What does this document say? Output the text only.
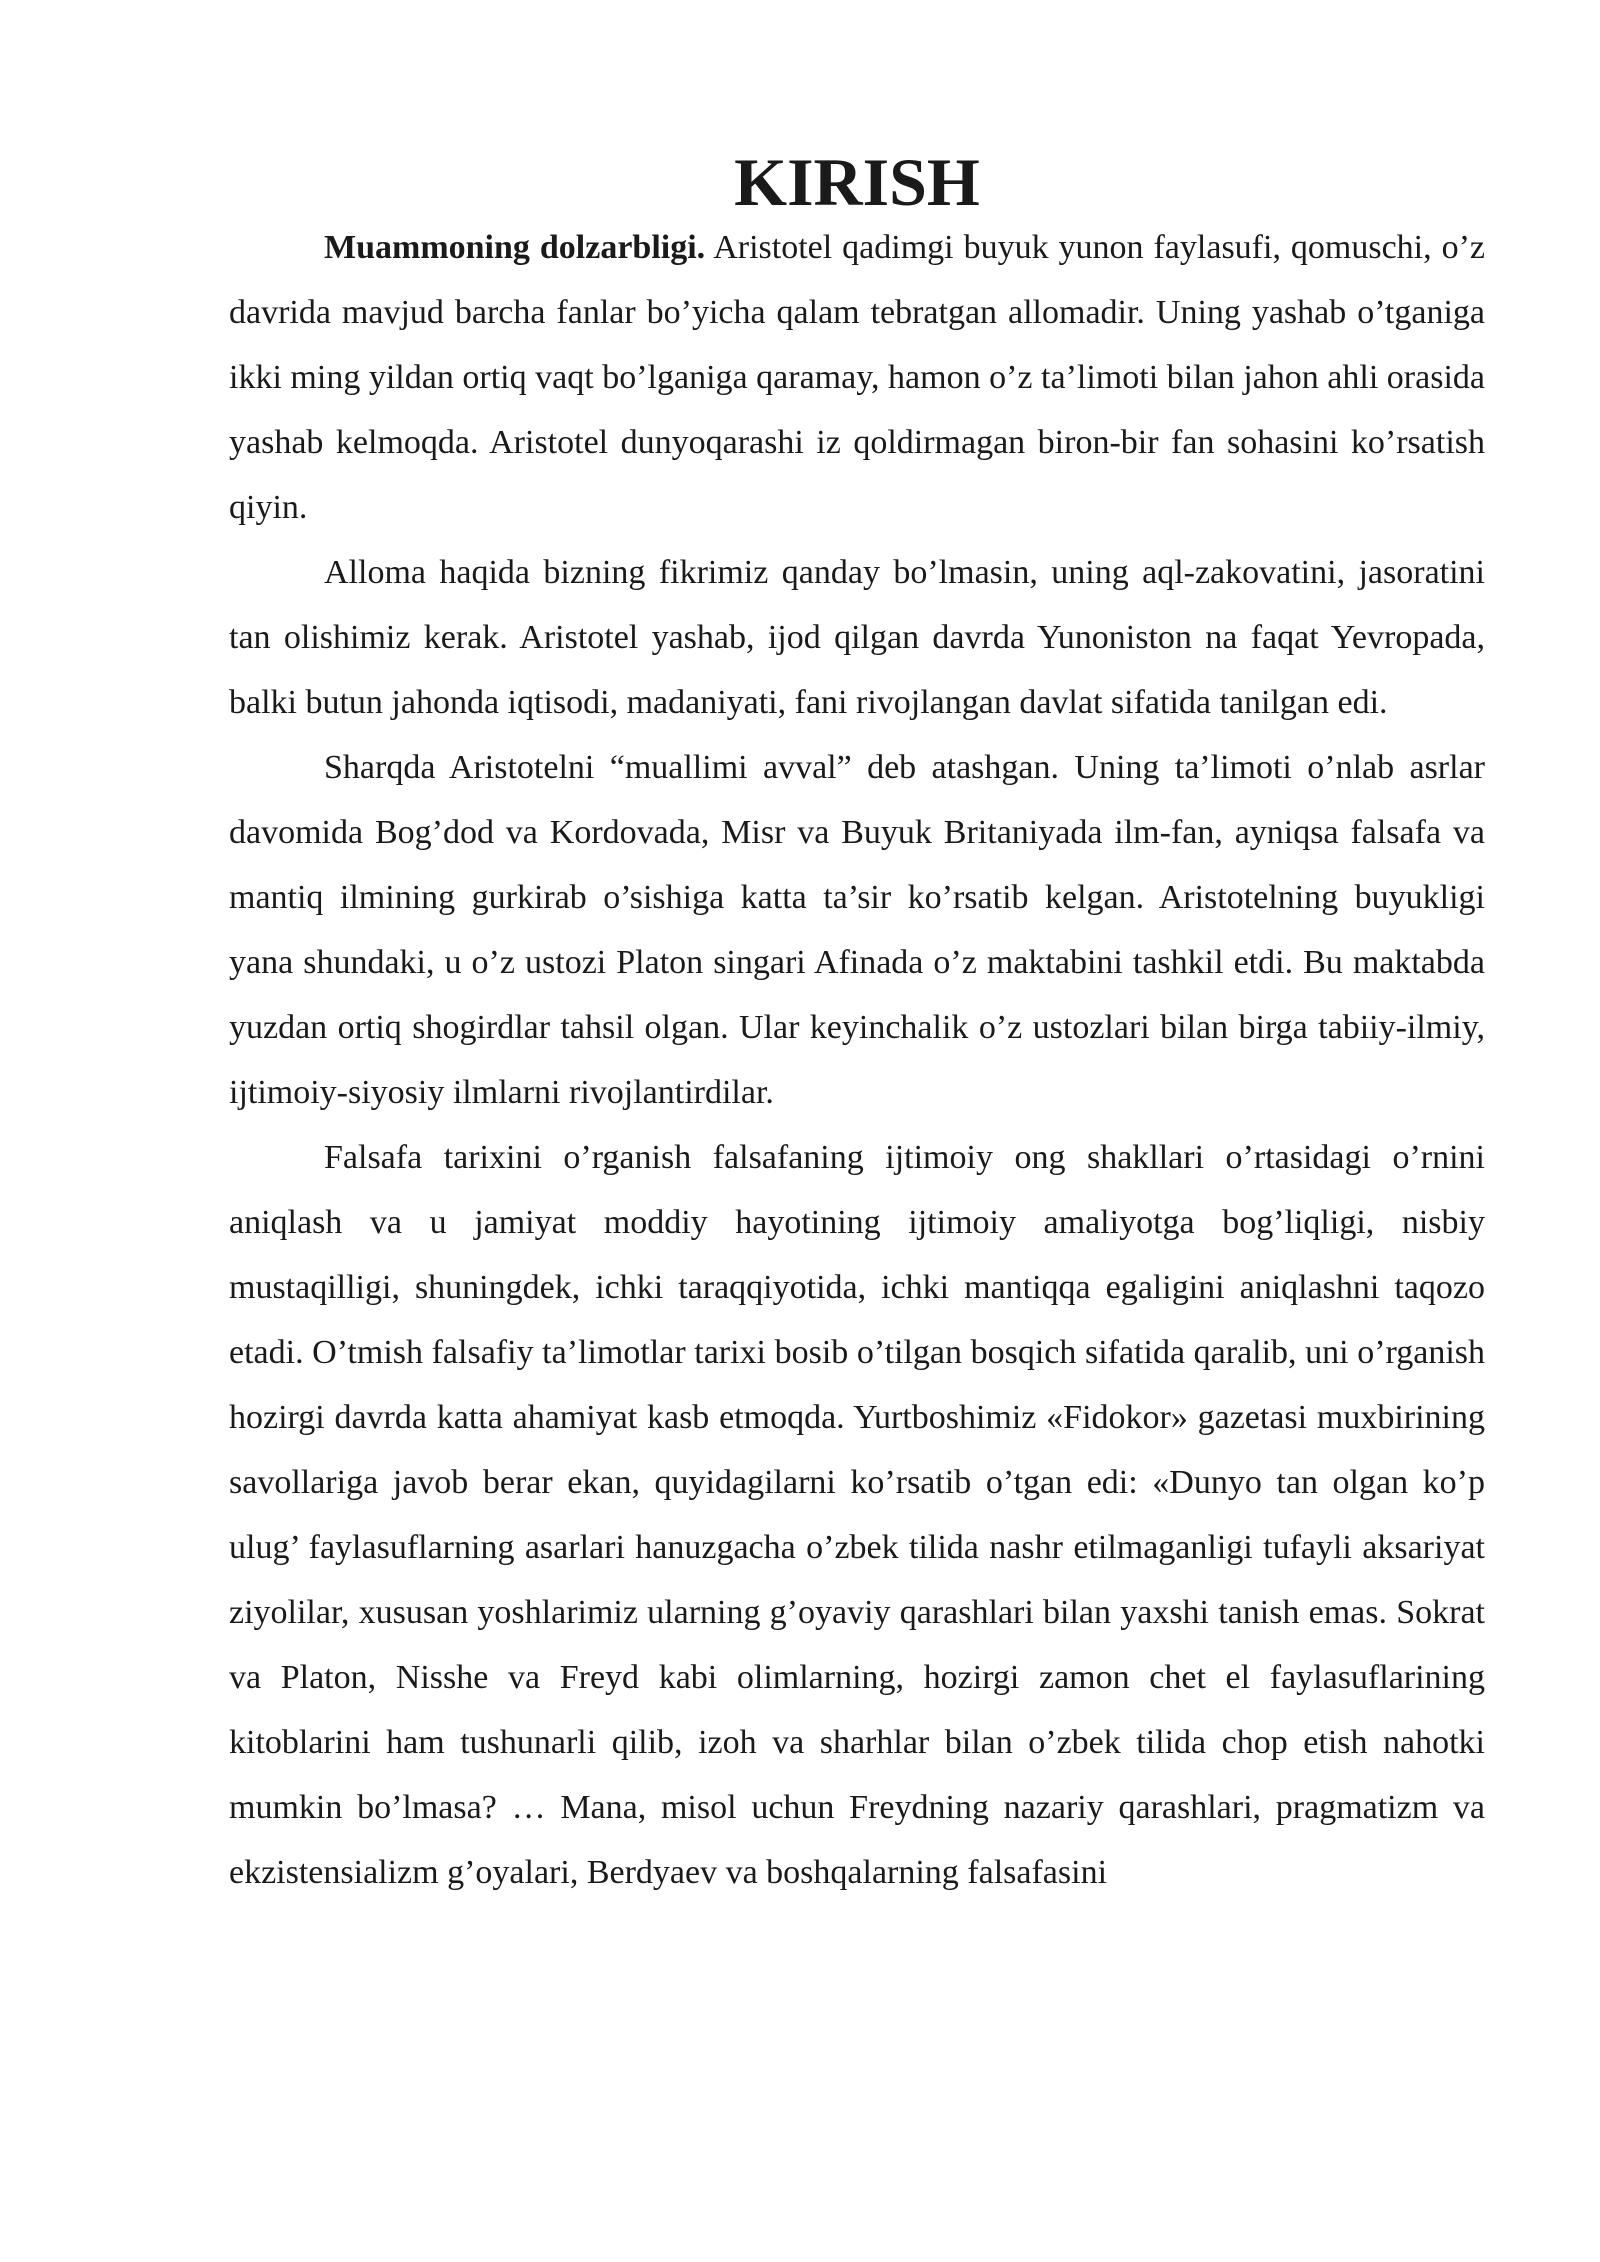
KIRISH

Muammoning dolzarbligi. Aristotel qadimgi buyuk yunon faylasufi, qomuschi, o’z davrida mavjud barcha fanlar bo’yicha qalam tebratgan allomadir. Uning yashab o’tganiga ikki ming yildan ortiq vaqt bo’lganiga qaramay, hamon o’z ta’limoti bilan jahon ahli orasida yashab kelmoqda. Aristotel dunyoqarashi iz qoldirmagan biron-bir fan sohasini ko’rsatish qiyin.

Alloma haqida bizning fikrimiz qanday bo’lmasin, uning aql-zakovatini, jasoratini tan olishimiz kerak. Aristotel yashab, ijod qilgan davrda Yunoniston na faqat Yevropada, balki butun jahonda iqtisodi, madaniyati, fani rivojlangan davlat sifatida tanilgan edi.

Sharqda Aristotelni “muallimi avval” deb atashgan. Uning ta’limoti o’nlab asrlar davomida Bog’dod va Kordovada, Misr va Buyuk Britaniyada ilm-fan, ayniqsa falsafa va mantiq ilmining gurkirab o’sishiga katta ta’sir ko’rsatib kelgan. Aristotelning buyukligi yana shundaki, u o’z ustozi Platon singari Afinada o’z maktabini tashkil etdi. Bu maktabda yuzdan ortiq shogirdlar tahsil olgan. Ular keyinchalik o’z ustozlari bilan birga tabiiy-ilmiy, ijtimoiy-siyosiy ilmlarni rivojlantirdilar.

Falsafa tarixini o’rganish falsafaning ijtimoiy ong shakllari o’rtasidagi o’rnini aniqlash va u jamiyat moddiy hayotining ijtimoiy amaliyotga bog’liqligi, nisbiy mustaqilligi, shuningdek, ichki taraqqiyotida, ichki mantiqqa egaligini aniqlashni taqozo etadi. O’tmish falsafiy ta’limotlar tarixi bosib o’tilgan bosqich sifatida qaralib, uni o’rganish hozirgi davrda katta ahamiyat kasb etmoqda. Yurtboshimiz «Fidokor» gazetasi muxbirining savollariga javob berar ekan, quyidagilarni ko’rsatib o’tgan edi: «Dunyo tan olgan ko’p ulug’ faylasuflarning asarlari hanuzgacha o’zbek tilida nashr etilmaganligi tufayli aksariyat ziyolilar, xususan yoshlarimiz ularning g’oyaviy qarashlari bilan yaxshi tanish emas. Sokrat va Platon, Nisshe va Freyd kabi olimlarning, hozirgi zamon chet el faylasuflarining kitoblarini ham tushunarli qilib, izoh va sharhlar bilan o’zbek tilida chop etish nahotki mumkin bo’lmasa? … Mana, misol uchun Freydning nazariy qarashlari, pragmatizm va ekzistensializm g’oyalari, Berdyaev va boshqalarning falsafasini
